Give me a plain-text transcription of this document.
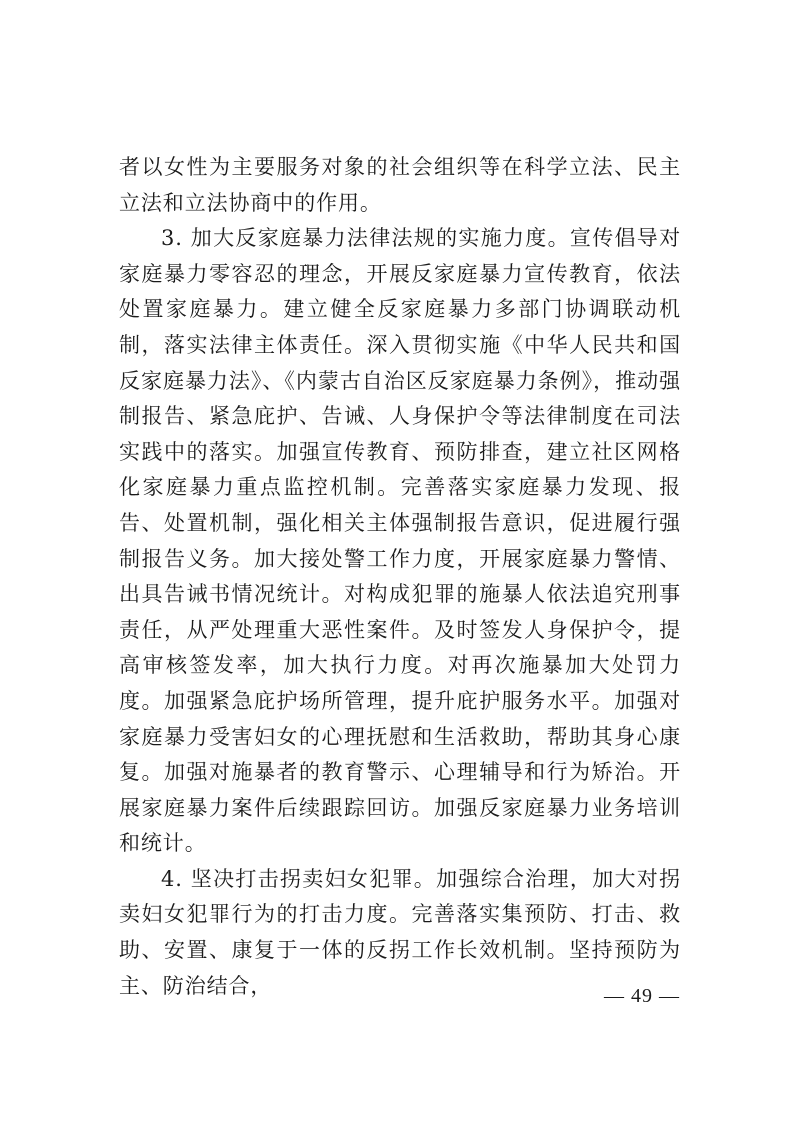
者以女性为主要服务对象的社会组织等在科学立法、民主立法和立法协商中的作用。

3. 加大反家庭暴力法律法规的实施力度。宣传倡导对家庭暴力零容忍的理念，开展反家庭暴力宣传教育，依法处置家庭暴力。建立健全反家庭暴力多部门协调联动机制，落实法律主体责任。深入贯彻实施《中华人民共和国反家庭暴力法》、《内蒙古自治区反家庭暴力条例》，推动强制报告、紧急庇护、告诫、人身保护令等法律制度在司法实践中的落实。加强宣传教育、预防排查，建立社区网格化家庭暴力重点监控机制。完善落实家庭暴力发现、报告、处置机制，强化相关主体强制报告意识，促进履行强制报告义务。加大接处警工作力度，开展家庭暴力警情、出具告诫书情况统计。对构成犯罪的施暴人依法追究刑事责任，从严处理重大恶性案件。及时签发人身保护令，提高审核签发率，加大执行力度。对再次施暴加大处罚力度。加强紧急庇护场所管理，提升庇护服务水平。加强对家庭暴力受害妇女的心理抚慰和生活救助，帮助其身心康复。加强对施暴者的教育警示、心理辅导和行为矫治。开展家庭暴力案件后续跟踪回访。加强反家庭暴力业务培训和统计。

4. 坚决打击拐卖妇女犯罪。加强综合治理，加大对拐卖妇女犯罪行为的打击力度。完善落实集预防、打击、救助、安置、康复于一体的反拐工作长效机制。坚持预防为主、防治结合，	— 49 —
